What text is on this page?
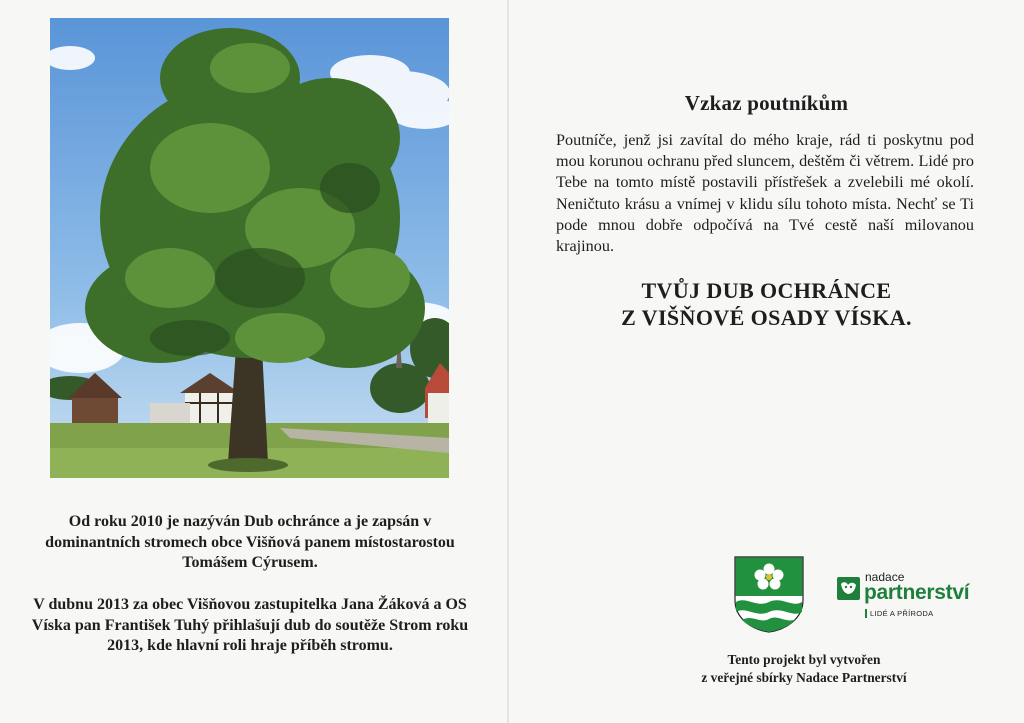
Od roku 2010 je nazýván Dub ochránce a je zapsán v dominantních stromech obce Višňová panem místostarostou Tomášem Cýrusem.

V dubnu 2013 za obec Višňovou zastupitelka Jana Žáková a OS Víska pan František Tuhý přihlašují dub do soutěže Strom roku 2013, kde hlavní roli hraje příběh stromu.

Vzkaz poutníkům

Poutníče, jenž jsi zavítal do mého kraje, rád ti poskytnu pod mou korunou ochranu před sluncem, deštěm či větrem. Lidé pro Tebe na tomto místě postavili přístřešek a zvelebili mé okolí. Neničtuto krásu a vnímej v klidu sílu tohoto místa. Nechť se Ti pode mnou dobře odpočívá na Tvé cestě naší milovanou krajinou.

TVŮJ DUB OCHRÁNCE
Z VIŠŇOVÉ OSADY VÍSKA.
nadace
partnerství
LIDÉ A PŘÍRODA

Tento projekt byl vytvořen

z veřejné sbírky Nadace Partnerství
